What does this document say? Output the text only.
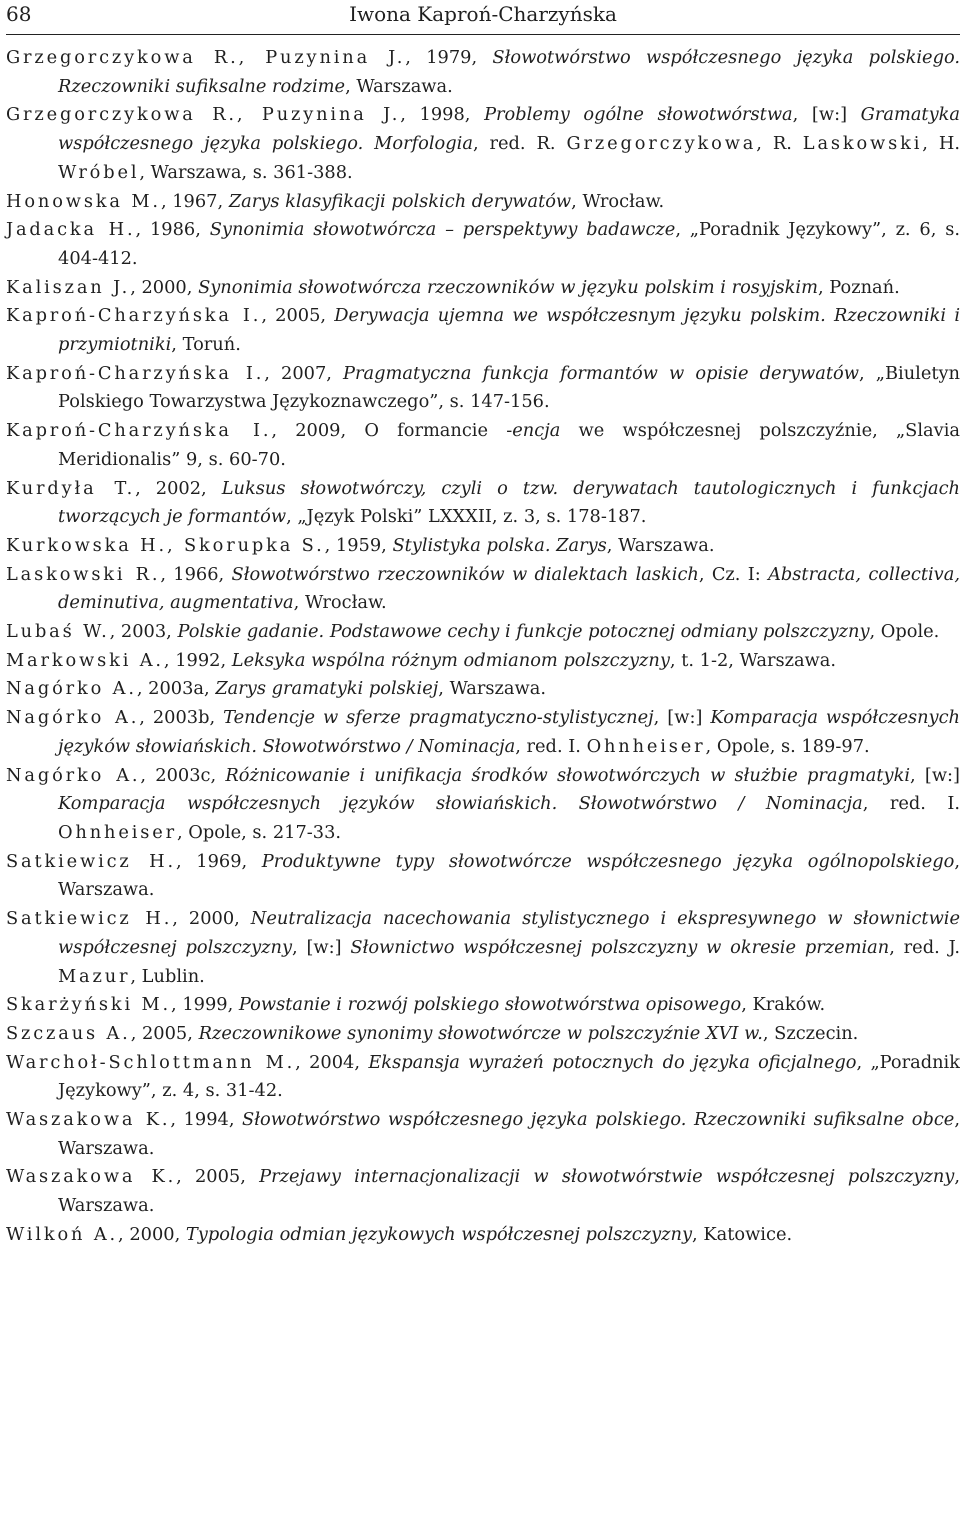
68	Iwona Kaproń-Charzyńska
Grzegorczykowa R., Puzynina J., 1979, Słowotwórstwo współczesnego języka polskiego. Rzeczowniki sufiksalne rodzime, Warszawa.
Grzegorczykowa R., Puzynina J., 1998, Problemy ogólne słowotwórstwa, [w:] Gramatyka współczesnego języka polskiego. Morfologia, red. R. Grzegorczykowa, R. Laskowski, H. Wróbel, Warszawa, s. 361-388.
Honowska M., 1967, Zarys klasyfikacji polskich derywatów, Wrocław.
Jadacka H., 1986, Synonimia słowotwórcza – perspektywy badawcze, „Poradnik Językowy”, z. 6, s. 404-412.
Kaliszan J., 2000, Synonimia słowotwórcza rzeczowników w języku polskim i rosyjskim, Poznań.
Kaproń-Charzyńska I., 2005, Derywacja ujemna we współczesnym języku polskim. Rzeczowniki i przymiotniki, Toruń.
Kaproń-Charzyńska I., 2007, Pragmatyczna funkcja formantów w opisie derywatów, „Biuletyn Polskiego Towarzystwa Językoznawczego”, s. 147-156.
Kaproń-Charzyńska I., 2009, O formancie -encja we współczesnej polszczyźnie, „Slavia Meridionalis” 9, s. 60-70.
Kurdyła T., 2002, Luksus słowotwórczy, czyli o tzw. derywatach tautologicznych i funkcjach tworzących je formantów, „Język Polski” LXXXII, z. 3, s. 178-187.
Kurkowska H., Skorupka S., 1959, Stylistyka polska. Zarys, Warszawa.
Laskowski R., 1966, Słowotwórstwo rzeczowników w dialektach laskich, Cz. I: Abstracta, collectiva, deminutiva, augmentativa, Wrocław.
Lubaś W., 2003, Polskie gadanie. Podstawowe cechy i funkcje potocznej odmiany polszczyzny, Opole.
Markowski A., 1992, Leksyka wspólna różnym odmianom polszczyzny, t. 1-2, Warszawa.
Nagórko A., 2003a, Zarys gramatyki polskiej, Warszawa.
Nagórko A., 2003b, Tendencje w sferze pragmatyczno-stylistycznej, [w:] Komparacja współczesnych języków słowiańskich. Słowotwórstwo / Nominacja, red. I. Ohnheiser, Opole, s. 189-97.
Nagórko A., 2003c, Różnicowanie i unifikacja środków słowotwórczych w służbie pragmatyki, [w:] Komparacja współczesnych języków słowiańskich. Słowotwórstwo / Nominacja, red. I. Ohnheiser, Opole, s. 217-33.
Satkiewicz H., 1969, Produktywne typy słowotwórcze współczesnego języka ogólnopolskiego, Warszawa.
Satkiewicz H., 2000, Neutralizacja nacechowania stylistycznego i ekspresywnego w słownictwie współczesnej polszczyzny, [w:] Słownictwo współczesnej polszczyzny w okresie przemian, red. J. Mazur, Lublin.
Skarżyński M., 1999, Powstanie i rozwój polskiego słowotwórstwa opisowego, Kraków.
Szczaus A., 2005, Rzeczownikowe synonimy słowotwórcze w polszczyźnie XVI w., Szczecin.
Warchoł-Schlottmann M., 2004, Ekspansja wyrażeń potocznych do języka oficjalnego, „Poradnik Językowy”, z. 4, s. 31-42.
Waszakowa K., 1994, Słowotwórstwo współczesnego języka polskiego. Rzeczowniki sufiksalne obce, Warszawa.
Waszakowa K., 2005, Przejawy internacjonalizacji w słowotwórstwie współczesnej polszczyzny, Warszawa.
Wilkoń A., 2000, Typologia odmian językowych współczesnej polszczyzny, Katowice.
